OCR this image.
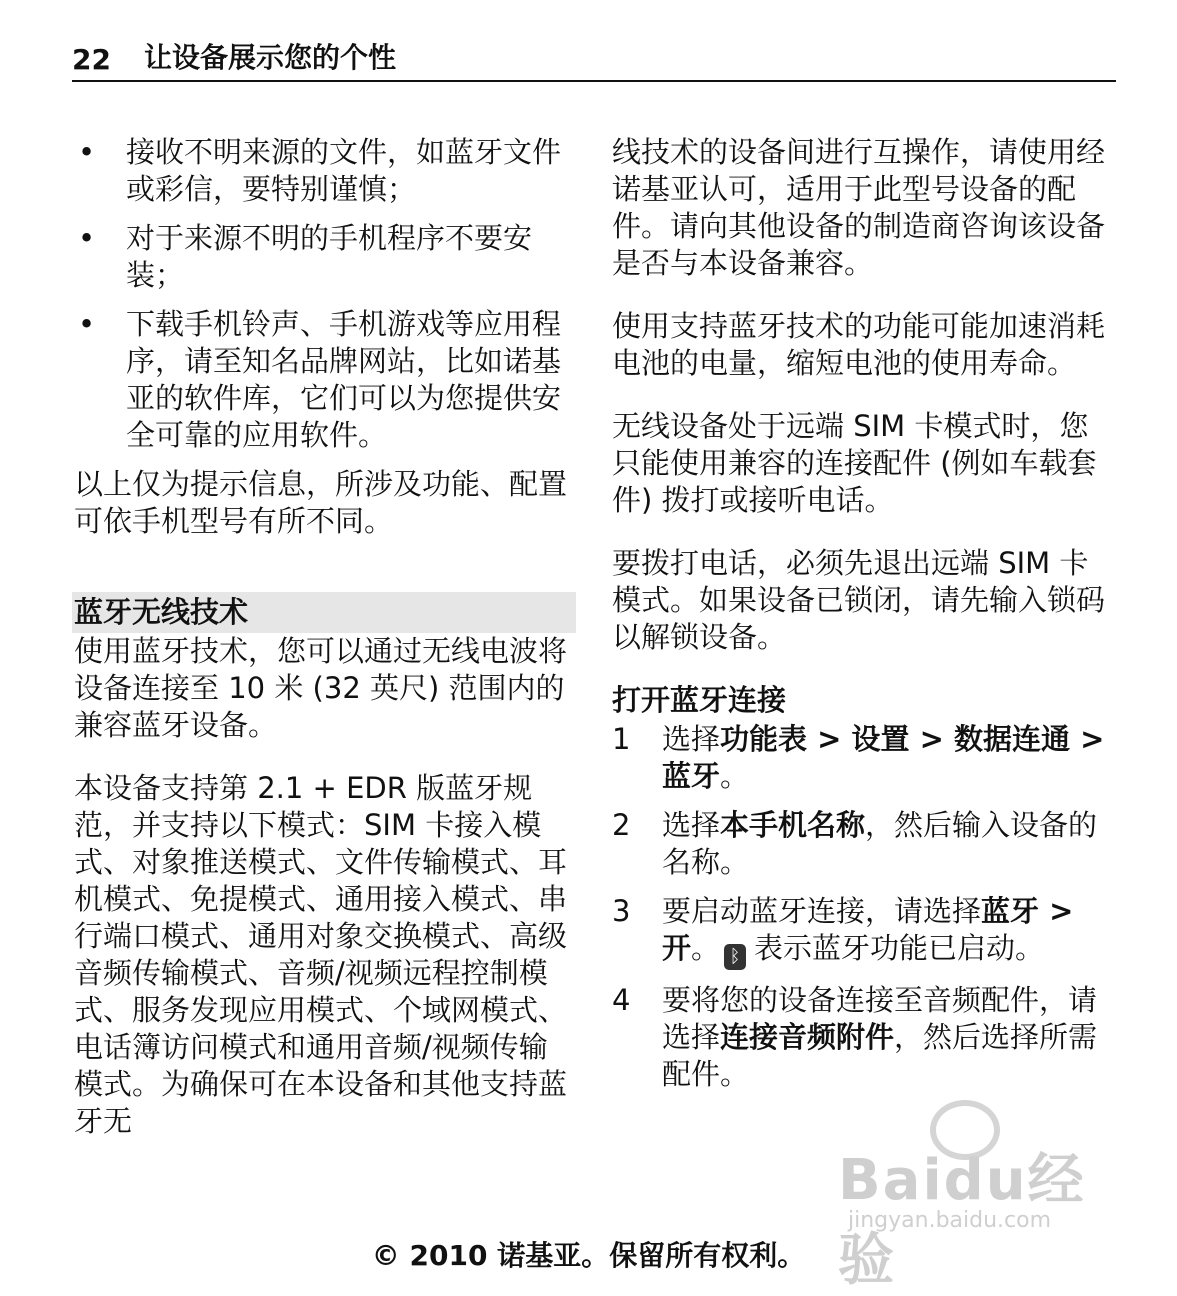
22	让设备展示您的个性
• 接收不明来源的文件，如蓝牙文件或彩信，要特别谨慎；
• 对于来源不明的手机程序不要安装；
• 下载手机铃声、手机游戏等应用程序，请至知名品牌网站，比如诺基亚的软件库，它们可以为您提供安全可靠的应用软件。

以上仅为提示信息，所涉及功能、配置可依手机型号有所不同。

蓝牙无线技术

使用蓝牙技术，您可以通过无线电波将设备连接至 10 米 (32 英尺) 范围内的兼容蓝牙设备。

本设备支持第 2.1 + EDR 版蓝牙规范，并支持以下模式：SIM 卡接入模式、对象推送模式、文件传输模式、耳机模式、免提模式、通用接入模式、串行端口模式、通用对象交换模式、高级音频传输模式、音频/视频远程控制模式、服务发现应用模式、个域网模式、电话簿访问模式和通用音频/视频传输模式。为确保可在本设备和其他支持蓝牙无

线技术的设备间进行互操作，请使用经诺基亚认可，适用于此型号设备的配件。请向其他设备的制造商咨询该设备是否与本设备兼容。

使用支持蓝牙技术的功能可能加速消耗电池的电量，缩短电池的使用寿命。

无线设备处于远端 SIM 卡模式时，您只能使用兼容的连接配件 (例如车载套件) 拨打或接听电话。

要拨打电话，必须先退出远端 SIM 卡模式。如果设备已锁闭，请先输入锁码以解锁设备。

打开蓝牙连接
1 选择功能表 > 设置 > 数据连通 > 蓝牙。
2 选择本手机名称，然后输入设备的名称。
3 要启动蓝牙连接，请选择蓝牙 > 开。 ᛒ 表示蓝牙功能已启动。
4 要将您的设备连接至音频配件，请选择连接音频附件，然后选择所需配件。
Baidu经验
jingyan.baidu.com
© 2010 诺基亚。保留所有权利。
